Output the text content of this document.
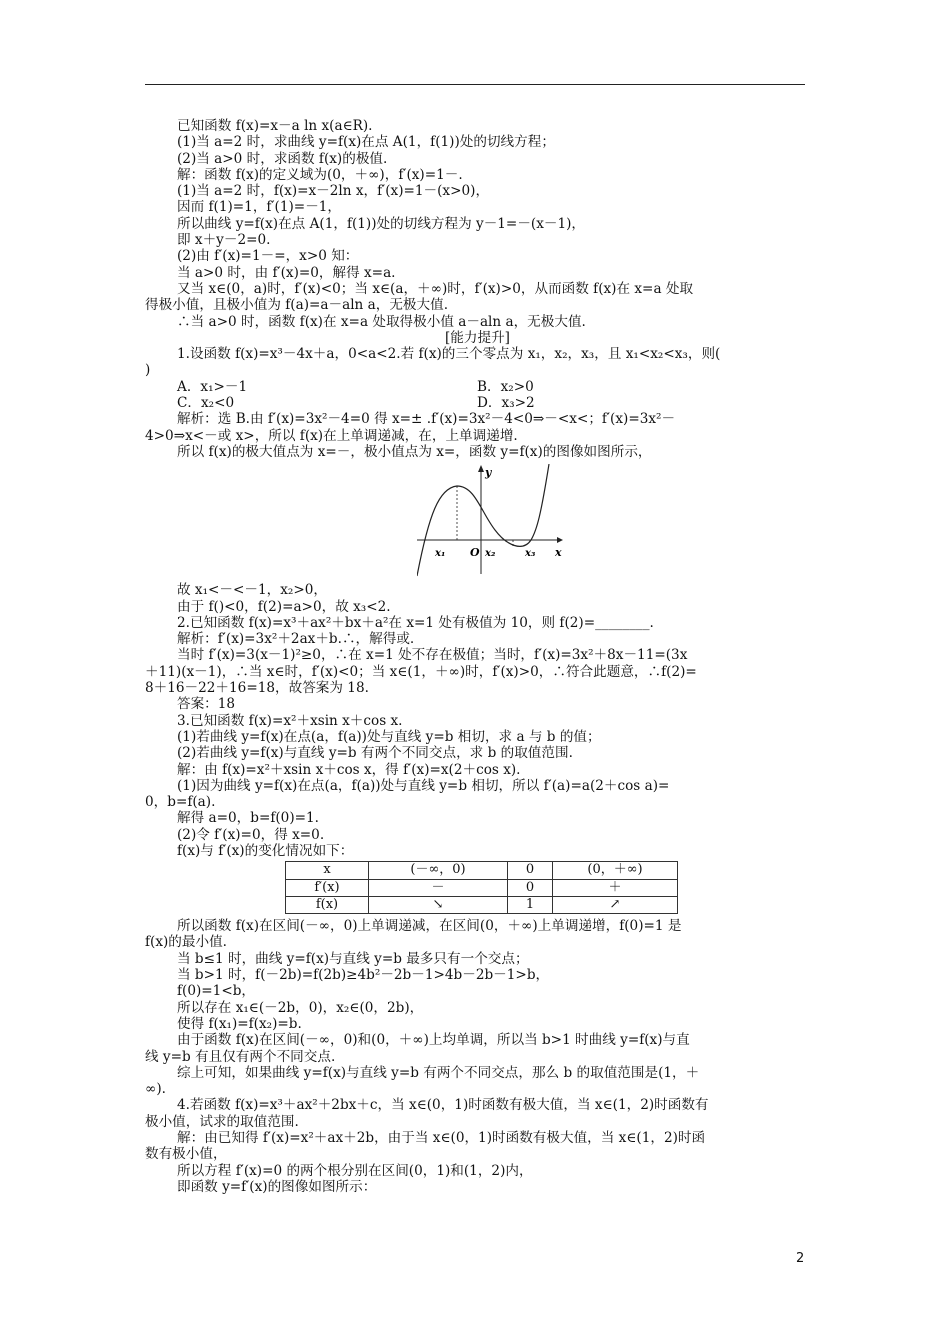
已知函数 f(x)=x－a ln x(a∈R).
(1)当 a=2 时，求曲线 y=f(x)在点 A(1，f(1))处的切线方程；
(2)当 a>0 时，求函数 f(x)的极值.
解：函数 f(x)的定义域为(0，＋∞)，f′(x)=1－.
(1)当 a=2 时，f(x)=x－2ln x，f′(x)=1－(x>0)，
因而 f(1)=1，f′(1)=－1，
所以曲线 y=f(x)在点 A(1，f(1))处的切线方程为 y－1=－(x－1)，
即 x＋y－2=0.
(2)由 f′(x)=1－=，x>0 知：
当 a>0 时，由 f′(x)=0，解得 x=a.
又当 x∈(0，a)时，f′(x)<0；当 x∈(a，＋∞)时，f′(x)>0，从而函数 f(x)在 x=a 处取
得极小值，且极小值为 f(a)=a－aln a，无极大值.
∴当 a>0 时，函数 f(x)在 x=a 处取得极小值 a－aln a，无极大值.
[能力提升]
1.设函数 f(x)=x³－4x＋a，0<a<2.若 f(x)的三个零点为 x₁，x₂，x₃，且 x₁<x₂<x₃，则(
)
A．x₁>－1	B．x₂>0
C．x₂<0	D．x₃>2
解析：选 B.由 f′(x)=3x²－4=0 得 x=± .f′(x)=3x²－4<0⇒－<x<；f′(x)=3x²－
4>0⇒x<－或 x>，所以 f(x)在上单调递减，在，上单调递增.
所以 f(x)的极大值点为 x=－，极小值点为 x=，函数 y=f(x)的图像如图所示，
y
x
O
x₁	x₂	x₃
故 x₁<－<－1，x₂>0，
由于 f()<0，f(2)=a>0，故 x₃<2.
2.已知函数 f(x)=x³＋ax²＋bx＋a²在 x=1 处有极值为 10，则 f(2)=________.
解析：f′(x)=3x²＋2ax＋b.∴，解得或.
当时 f′(x)=3(x－1)²≥0，∴在 x=1 处不存在极值；当时，f′(x)=3x²＋8x－11=(3x
＋11)(x－1)，∴当 x∈时，f′(x)<0；当 x∈(1，＋∞)时，f′(x)>0，∴符合此题意，∴f(2)=
8＋16－22＋16=18，故答案为 18.
答案：18
3.已知函数 f(x)=x²＋xsin x＋cos x.
(1)若曲线 y=f(x)在点(a，f(a))处与直线 y=b 相切，求 a 与 b 的值；
(2)若曲线 y=f(x)与直线 y=b 有两个不同交点，求 b 的取值范围.
解：由 f(x)=x²＋xsin x＋cos x，得 f′(x)=x(2＋cos x).
(1)因为曲线 y=f(x)在点(a，f(a))处与直线 y=b 相切，所以 f′(a)=a(2＋cos a)=
0，b=f(a).
解得 a=0，b=f(0)=1.
(2)令 f′(x)=0，得 x=0.
f(x)与 f′(x)的变化情况如下：
x	(－∞，0)	0	(0，＋∞)
f′(x)	－	0	＋
f(x)	↘	1	↗
所以函数 f(x)在区间(－∞，0)上单调递减，在区间(0，＋∞)上单调递增，f(0)=1 是
f(x)的最小值.
当 b≤1 时，曲线 y=f(x)与直线 y=b 最多只有一个交点；
当 b>1 时，f(－2b)=f(2b)≥4b²－2b－1>4b－2b－1>b，
f(0)=1<b，
所以存在 x₁∈(－2b，0)，x₂∈(0，2b)，
使得 f(x₁)=f(x₂)=b.
由于函数 f(x)在区间(－∞，0)和(0，＋∞)上均单调，所以当 b>1 时曲线 y=f(x)与直
线 y=b 有且仅有两个不同交点.
综上可知，如果曲线 y=f(x)与直线 y=b 有两个不同交点，那么 b 的取值范围是(1，＋
∞).
4.若函数 f(x)=x³＋ax²＋2bx＋c，当 x∈(0，1)时函数有极大值，当 x∈(1，2)时函数有
极小值，试求的取值范围.
解：由已知得 f′(x)=x²＋ax＋2b，由于当 x∈(0，1)时函数有极大值，当 x∈(1，2)时函
数有极小值，
所以方程 f′(x)=0 的两个根分别在区间(0，1)和(1，2)内，
即函数 y=f′(x)的图像如图所示：
2
